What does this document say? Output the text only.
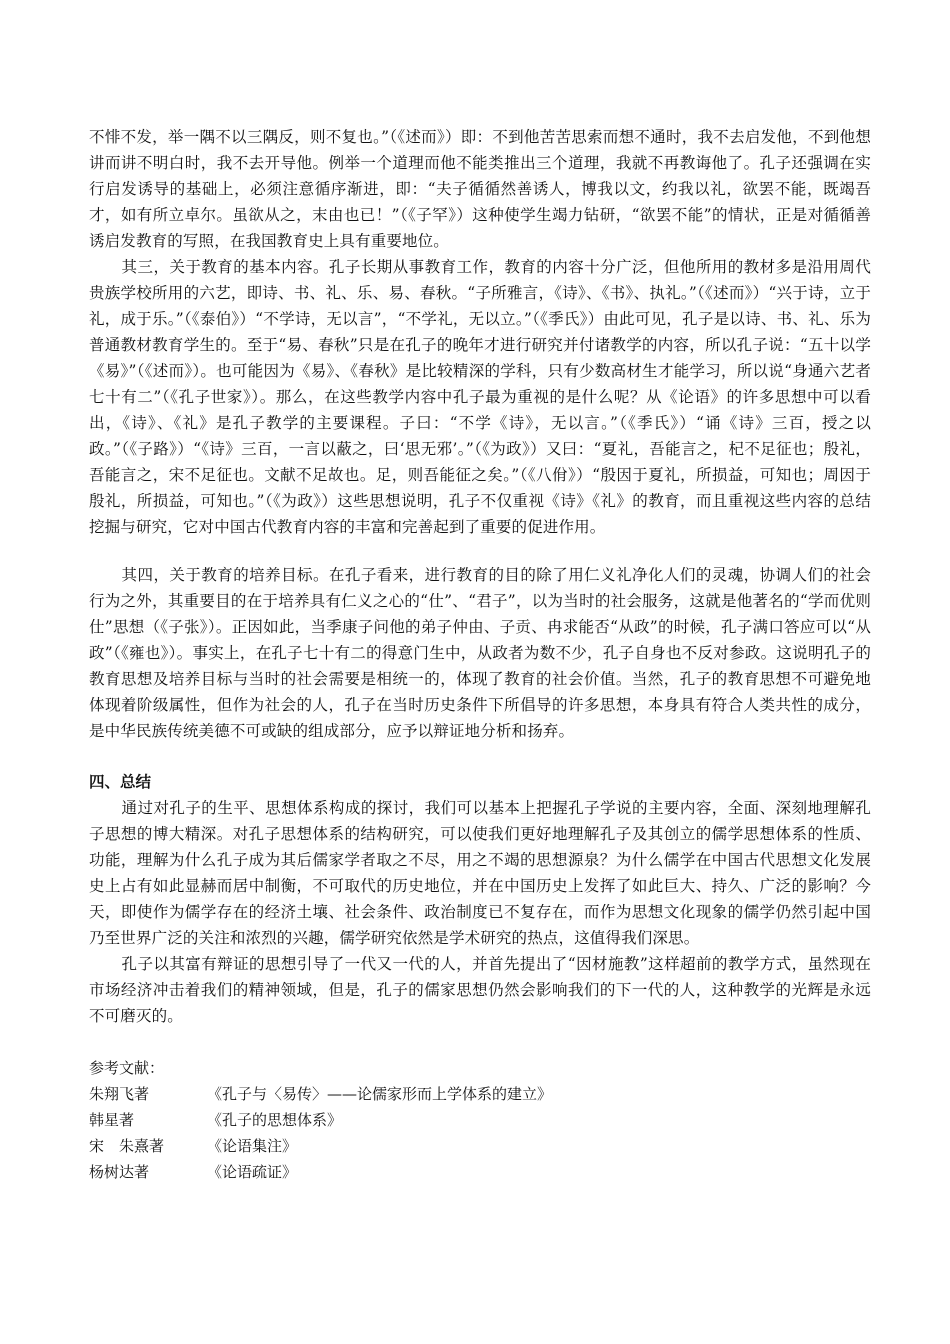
不悱不发，举一隅不以三隅反，则不复也。”（《述而》）即：不到他苦苦思索而想不通时，我不去启发他，不到他想讲而讲不明白时，我不去开导他。例举一个道理而他不能类推出三个道理，我就不再教诲他了。孔子还强调在实行启发诱导的基础上，必须注意循序渐进，即：“夫子循循然善诱人，博我以文，约我以礼，欲罢不能，既竭吾才，如有所立卓尔。虽欲从之，末由也已！”（《子罕》）这种使学生竭力钻研，“欲罢不能”的情状，正是对循循善诱启发教育的写照，在我国教育史上具有重要地位。

其三，关于教育的基本内容。孔子长期从事教育工作，教育的内容十分广泛，但他所用的教材多是沿用周代贵族学校所用的六艺，即诗、书、礼、乐、易、春秋。“子所雅言，《诗》、《书》、执礼。”（《述而》）“兴于诗，立于礼，成于乐。”（《泰伯》）“不学诗，无以言”，“不学礼，无以立。”（《季氏》）由此可见，孔子是以诗、书、礼、乐为普通教材教育学生的。至于“易、春秋”只是在孔子的晚年才进行研究并付诸教学的内容，所以孔子说：“五十以学《易》”（《述而》）。也可能因为《易》、《春秋》是比较精深的学科，只有少数高材生才能学习，所以说“身通六艺者七十有二”（《孔子世家》）。那么，在这些教学内容中孔子最为重视的是什么呢？从《论语》的许多思想中可以看出，《诗》、《礼》是孔子教学的主要课程。子曰：“不学《诗》，无以言。”（《季氏》）“诵《诗》三百，授之以政。”（《子路》）“《诗》三百，一言以蔽之，曰‘思无邪’。”（《为政》）又曰：“夏礼，吾能言之，杞不足征也；殷礼，吾能言之，宋不足征也。文献不足故也。足，则吾能征之矣。”（《八佾》）“殷因于夏礼，所损益，可知也；周因于殷礼，所损益，可知也。”（《为政》）这些思想说明，孔子不仅重视《诗》《礼》的教育，而且重视这些内容的总结挖掘与研究，它对中国古代教育内容的丰富和完善起到了重要的促进作用。

其四，关于教育的培养目标。在孔子看来，进行教育的目的除了用仁义礼净化人们的灵魂，协调人们的社会行为之外，其重要目的在于培养具有仁义之心的“仕”、“君子”，以为当时的社会服务，这就是他著名的“学而优则仕”思想（《子张》）。正因如此，当季康子问他的弟子仲由、子贡、冉求能否“从政”的时候，孔子满口答应可以“从政”（《雍也》）。事实上，在孔子七十有二的得意门生中，从政者为数不少，孔子自身也不反对参政。这说明孔子的教育思想及培养目标与当时的社会需要是相统一的，体现了教育的社会价值。当然，孔子的教育思想不可避免地体现着阶级属性，但作为社会的人，孔子在当时历史条件下所倡导的许多思想，本身具有符合人类共性的成分，是中华民族传统美德不可或缺的组成部分，应予以辩证地分析和扬弃。

四、总结

通过对孔子的生平、思想体系构成的探讨，我们可以基本上把握孔子学说的主要内容，全面、深刻地理解孔子思想的博大精深。对孔子思想体系的结构研究，可以使我们更好地理解孔子及其创立的儒学思想体系的性质、功能，理解为什么孔子成为其后儒家学者取之不尽，用之不竭的思想源泉？为什么儒学在中国古代思想文化发展史上占有如此显赫而居中制衡，不可取代的历史地位，并在中国历史上发挥了如此巨大、持久、广泛的影响？今天，即使作为儒学存在的经济土壤、社会条件、政治制度已不复存在，而作为思想文化现象的儒学仍然引起中国乃至世界广泛的关注和浓烈的兴趣，儒学研究依然是学术研究的热点，这值得我们深思。

孔子以其富有辩证的思想引导了一代又一代的人，并首先提出了“因材施教”这样超前的教学方式，虽然现在市场经济冲击着我们的精神领域，但是，孔子的儒家思想仍然会影响我们的下一代的人，这种教学的光辉是永远不可磨灭的。

参考文献：

朱翔飞著	《孔子与〈易传〉——论儒家形而上学体系的建立》
韩星著	《孔子的思想体系》
宋　朱熹著	《论语集注》
杨树达著	《论语疏证》
